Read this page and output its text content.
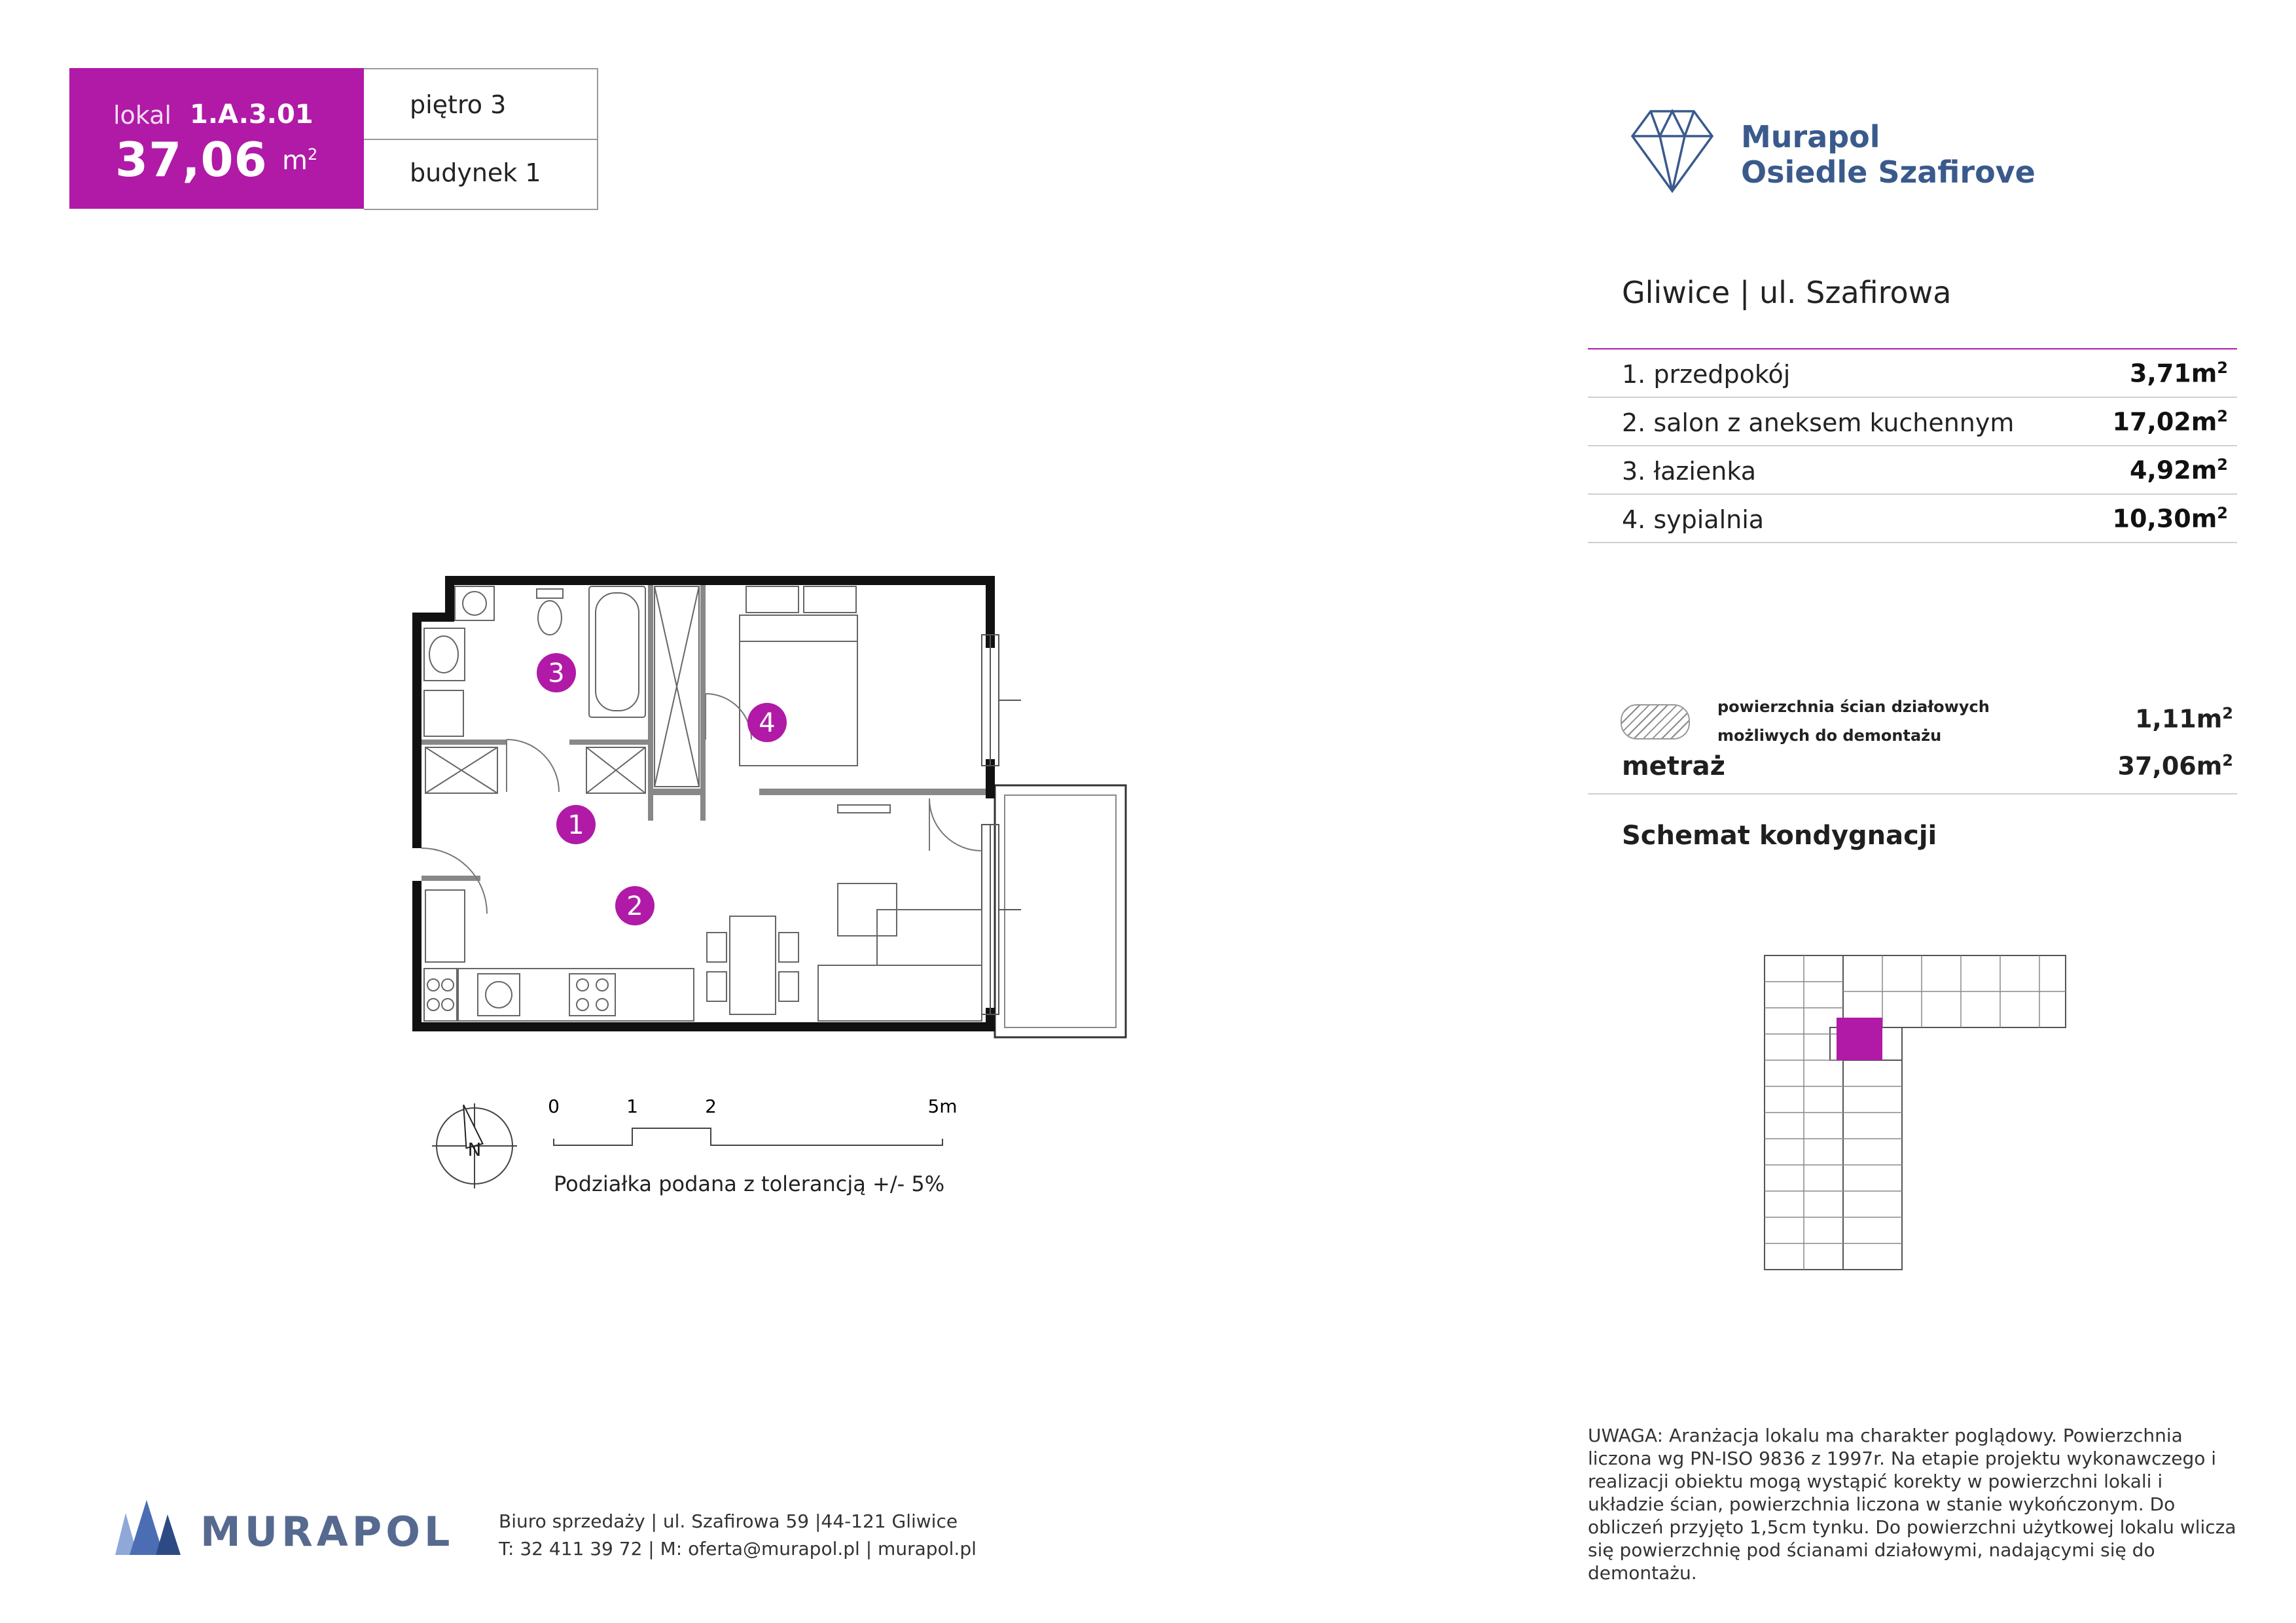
lokal 1.A.3.01
37,06 $m^2$
piętro 3
budynek 1
Murapol
Osiedle Szafirove
Gliwice | ul. Szafirowa
1. przedpokój	$3,71m^2$
2. salon z aneksem kuchennym	$17,02m^2$
3. łazienka	$4,92m^2$
4. sypialnia	$10,30m^2$
powierzchnia ścian działowych możliwych do demontażu
$1,11m^2$
metraż	$37,06m^2$
Schemat kondygnacji
1
2
3
4
N
0	1	2	5m
Podziałka podana z tolerancją +/- 5%
UWAGA: Aranżacja lokalu ma charakter poglądowy. Powierzchnia liczona wg PN-ISO 9836 z 1997r. Na etapie projektu wykonawczego i realizacji obiektu mogą wystąpić korekty w powierzchni lokali i układzie ścian, powierzchnia liczona w stanie wykończonym. Do obliczeń przyjęto 1,5cm tynku. Do powierzchni użytkowej lokalu wlicza się powierzchnię pod ścianami działowymi, nadającymi się do demontażu.
MURAPOL Biuro sprzedaży | ul. Szafirowa 59 |44-121 Gliwice
T: 32 411 39 72 | M: oferta@murapol.pl | murapol.pl
